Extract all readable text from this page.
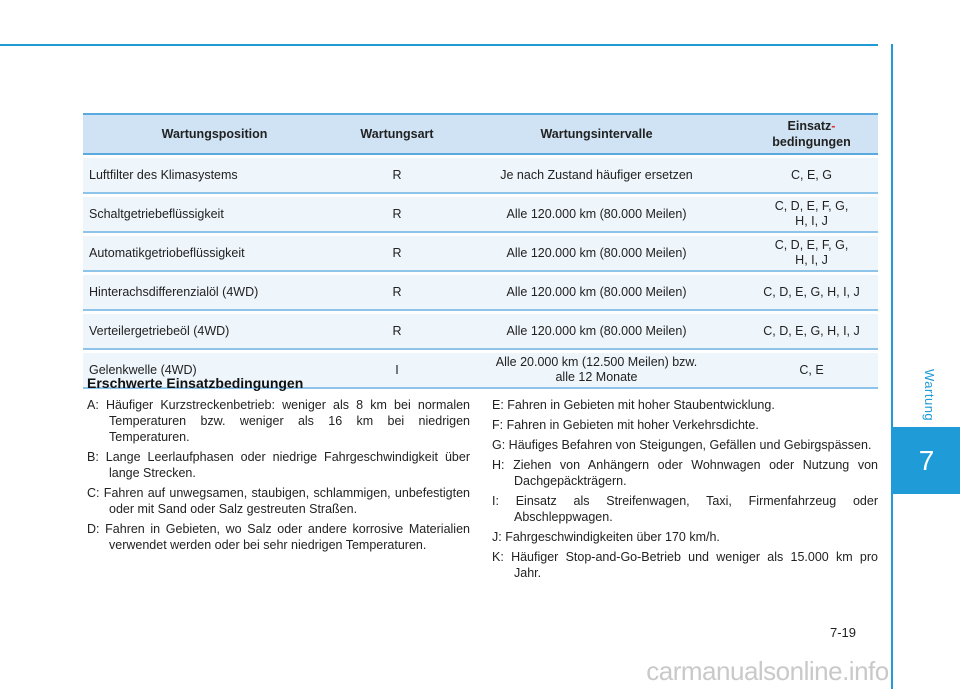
Wartung
7
Wartungsposition	Wartungsart	Wartungsintervalle	Einsatz-
bedingungen

Luftfilter des Klimasystems	R	Je nach Zustand häufiger ersetzen	C, E, G

Schaltgetriebeflüssigkeit	R	Alle 120.000 km (80.000 Meilen)	C, D, E, F, G,
H, I, J

Automatikgetriobeflüssigkeit	R	Alle 120.000 km (80.000 Meilen)	C, D, E, F, G,
H, I, J

Hinterachsdifferenzialöl (4WD)	R	Alle 120.000 km (80.000 Meilen)	C, D, E, G, H, I, J

Verteilergetriebeöl (4WD)	R	Alle 120.000 km (80.000 Meilen)	C, D, E, G, H, I, J

Gelenkwelle (4WD)	I	Alle 20.000 km (12.500 Meilen) bzw.
alle 12 Monate	C, E
Erschwerte Einsatzbedingungen
A: Häufiger Kurzstreckenbetrieb: weniger als 8 km bei normalen Temperaturen bzw. weniger als 16 km bei niedrigen Temperaturen.
B: Lange Leerlaufphasen oder niedrige Fahrgeschwindigkeit über lange Strecken.
C: Fahren auf unwegsamen, staubigen, schlammigen, unbefestigten oder mit Sand oder Salz gestreuten Straßen.
D: Fahren in Gebieten, wo Salz oder andere korrosive Materialien verwendet werden oder bei sehr niedrigen Temperaturen.
E: Fahren in Gebieten mit hoher Staubentwicklung.
F: Fahren in Gebieten mit hoher Verkehrsdichte.
G: Häufiges Befahren von Steigungen, Gefällen und Gebirgspässen.
H: Ziehen von Anhängern oder Wohnwagen oder Nutzung von Dachgepäckträgern.
I: Einsatz als Streifenwagen, Taxi, Firmenfahrzeug oder Abschleppwagen.
J: Fahrgeschwindigkeiten über 170 km/h.
K: Häufiger Stop-and-Go-Betrieb und weniger als 15.000 km pro Jahr.
7-19
carmanualsonline.info
